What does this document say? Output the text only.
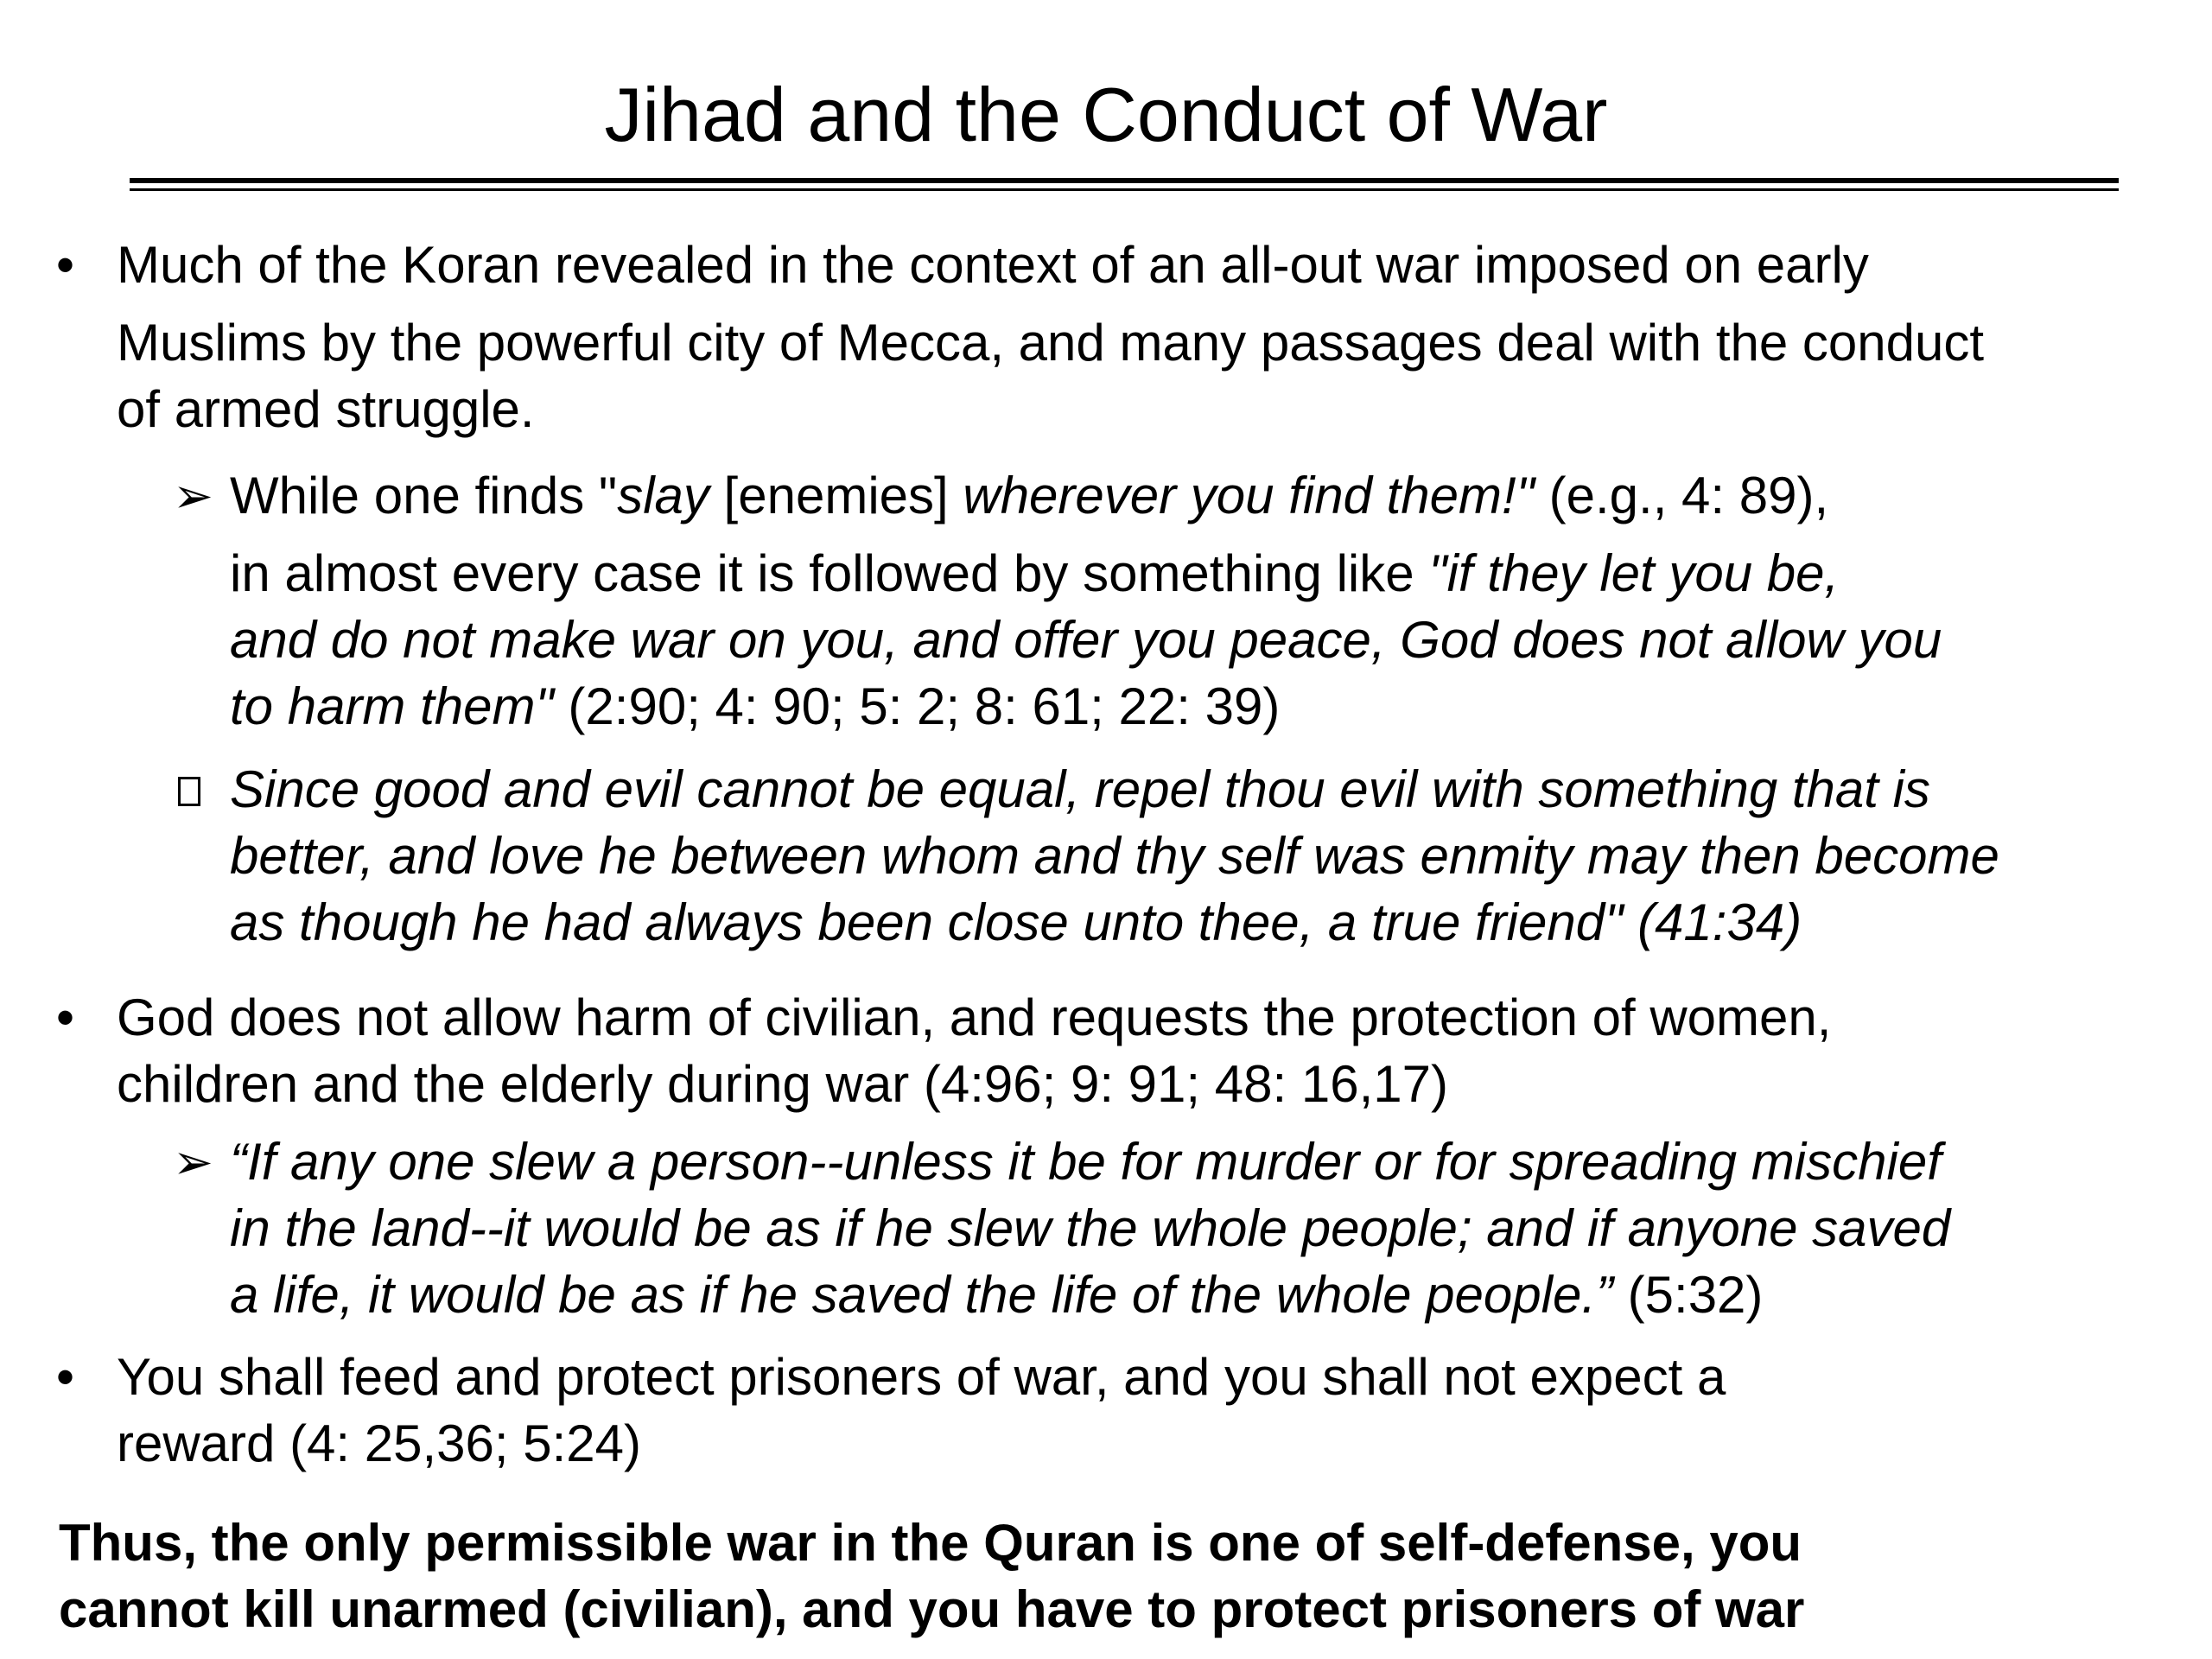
Jihad and the Conduct of War
• Much of the Koran revealed in the context of an all-out war imposed on early
Muslims by the powerful city of Mecca, and many passages deal with the conduct
of armed struggle.
➢ While one finds "slay [enemies] wherever you find them!" (e.g., 4: 89),
in almost every case it is followed by something like "if they let you be,
and do not make war on you, and offer you peace, God does not allow you
to harm them" (2:90; 4: 90; 5: 2; 8: 61; 22: 39)
Since good and evil cannot be equal, repel thou evil with something that is
better, and love he between whom and thy self was enmity may then become
as though he had always been close unto thee, a true friend" (41:34)
• God does not allow harm of civilian, and requests the protection of women,
children and the elderly during war (4:96; 9: 91; 48: 16,17)
➢ “If any one slew a person--unless it be for murder or for spreading mischief
in the land--it would be as if he slew the whole people; and if anyone saved
a life, it would be as if he saved the life of the whole people.” (5:32)
• You shall feed and protect prisoners of war, and you shall not expect a
reward (4: 25,36; 5:24)
Thus, the only permissible war in the Quran is one of self-defense, you
cannot kill unarmed (civilian), and you have to protect prisoners of war
